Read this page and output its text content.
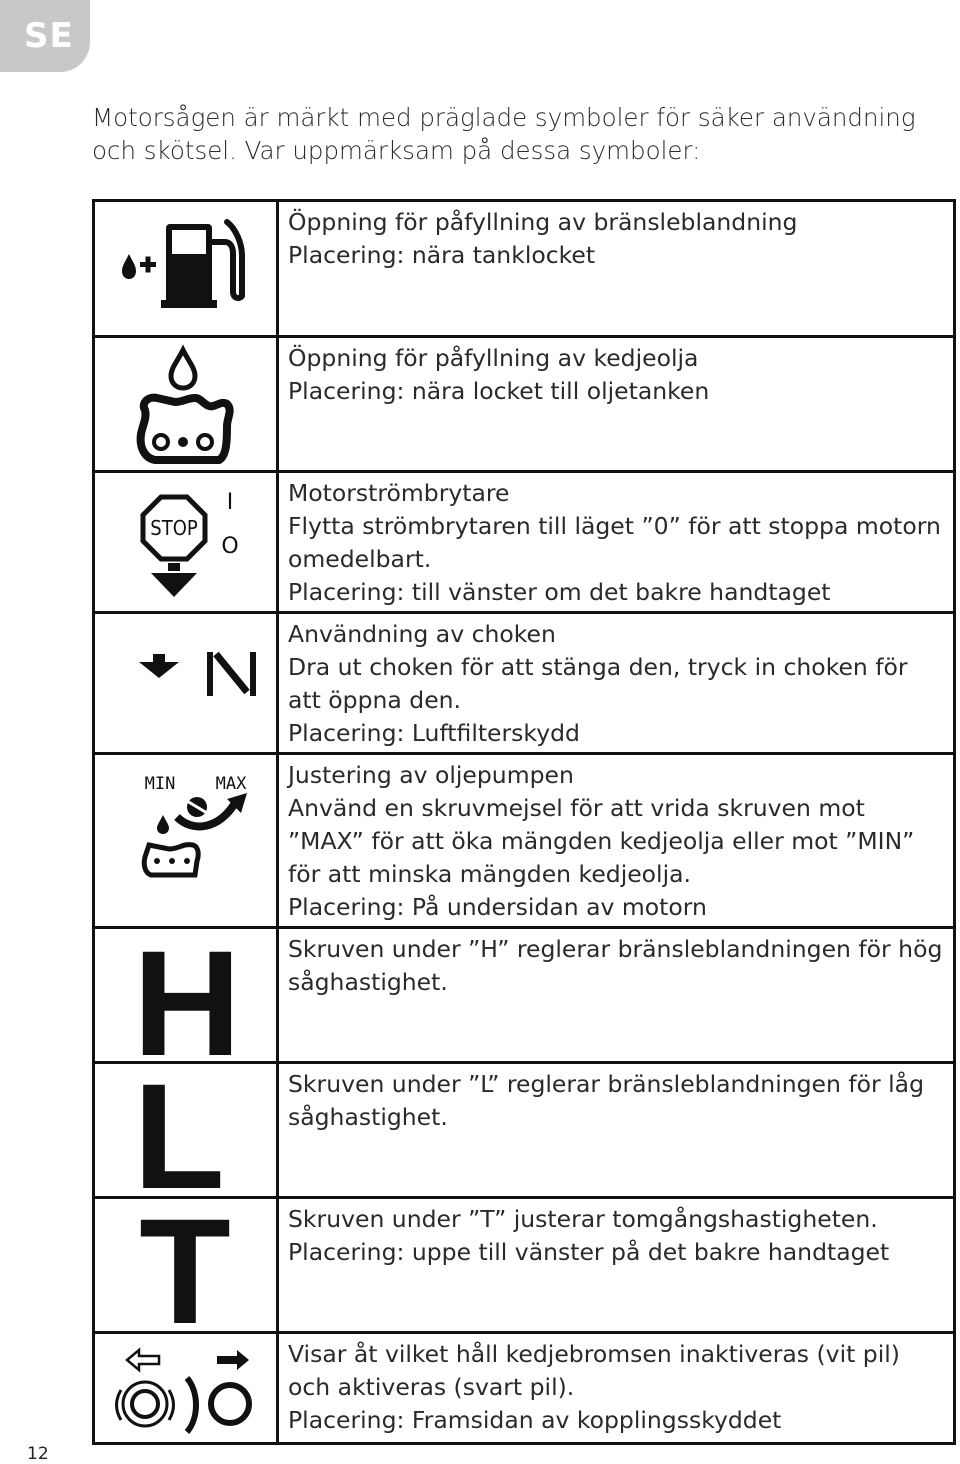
SE
Motorsågen är märkt med präglade symboler för säker användning och skötsel. Var uppmärksam på dessa symboler:
Öppning för påfyllning av bränsleblandning
Placering: nära tanklocket
Öppning för påfyllning av kedjeolja
Placering: nära locket till oljetanken
STOP
I
O
Motorströmbrytare
Flytta strömbrytaren till läget ”0” för att stoppa motorn omedelbart.
Placering: till vänster om det bakre handtaget
Användning av choken
Dra ut choken för att stänga den, tryck in choken för att öppna den.
Placering: Luftfilterskydd
MIN MAX Justering av oljepumpen
Använd en skruvmejsel för att vrida skruven mot ”MAX” för att öka mängden kedjeolja eller mot ”MIN” för att minska mängden kedjeolja.
Placering: På undersidan av motorn
H Skruven under ”H” reglerar bränsleblandningen för hög såghastighet.
L	Skruven under ”L” reglerar bränsleblandningen för låg såghastighet.
T Skruven under ”T” justerar tomgångshastigheten.
Placering: uppe till vänster på det bakre handtaget
Visar åt vilket håll kedjebromsen inaktiveras (vit pil) och aktiveras (svart pil).
Placering: Framsidan av kopplingsskyddet
12
